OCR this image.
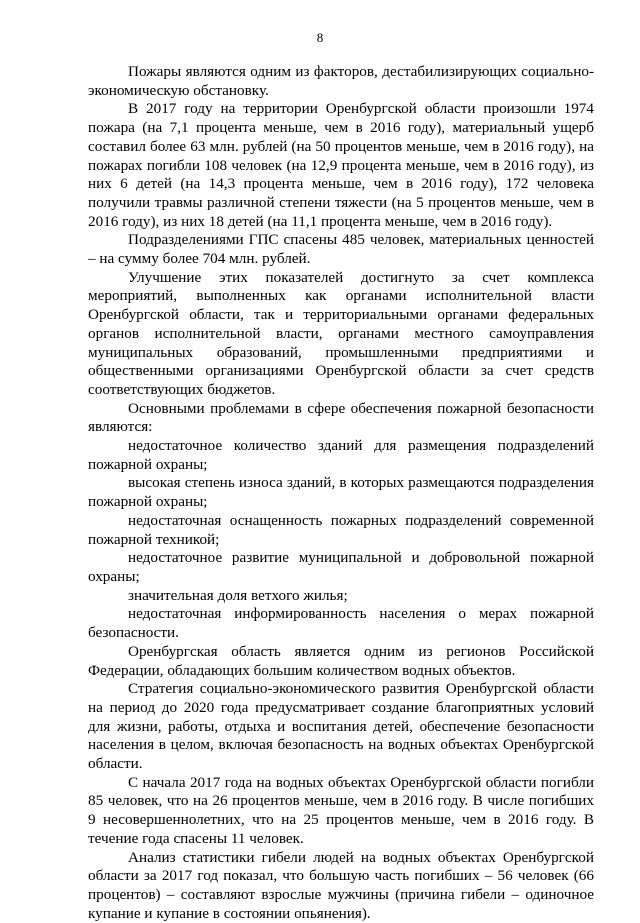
8

Пожары являются одним из факторов, дестабилизирующих социально-экономическую обстановку.

В 2017 году на территории Оренбургской области произошли 1974 пожара (на 7,1 процента меньше, чем в 2016 году), материальный ущерб составил более 63 млн. рублей (на 50 процентов меньше, чем в 2016 году), на пожарах погибли 108 человек (на 12,9 процента меньше, чем в 2016 году), из них 6 детей (на 14,3 процента меньше, чем в 2016 году), 172 человека получили травмы различной степени тяжести (на 5 процентов меньше, чем в 2016 году), из них 18 детей (на 11,1 процента меньше, чем в 2016 году).

Подразделениями ГПС спасены 485 человек, материальных ценностей – на сумму более 704 млн. рублей.

Улучшение этих показателей достигнуто за счет комплекса мероприятий, выполненных как органами исполнительной власти Оренбургской области, так и территориальными органами федеральных органов исполнительной власти, органами местного самоуправления муниципальных образований, промышленными предприятиями и общественными организациями Оренбургской области за счет средств соответствующих бюджетов.

Основными проблемами в сфере обеспечения пожарной безопасности являются:

недостаточное количество зданий для размещения подразделений пожарной охраны;

высокая степень износа зданий, в которых размещаются подразделения пожарной охраны;

недостаточная оснащенность пожарных подразделений современной пожарной техникой;

недостаточное развитие муниципальной и добровольной пожарной охраны;

значительная доля ветхого жилья;

недостаточная информированность населения о мерах пожарной безопасности.

Оренбургская область является одним из регионов Российской Федерации, обладающих большим количеством водных объектов.

Стратегия социально-экономического развития Оренбургской области на период до 2020 года предусматривает создание благоприятных условий для жизни, работы, отдыха и воспитания детей, обеспечение безопасности населения в целом, включая безопасность на водных объектах Оренбургской области.

С начала 2017 года на водных объектах Оренбургской области погибли 85 человек, что на 26 процентов меньше, чем в 2016 году. В числе погибших 9 несовершеннолетних, что на 25 процентов меньше, чем в 2016 году. В течение года спасены 11 человек.

Анализ статистики гибели людей на водных объектах Оренбургской области за 2017 год показал, что большую часть погибших – 56 человек (66 процентов) – составляют взрослые мужчины (причина гибели – одиночное купание и купание в состоянии опьянения).
